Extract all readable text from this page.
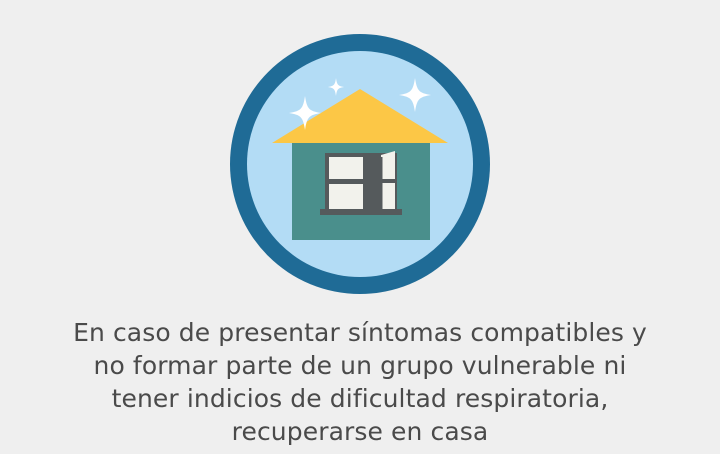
En caso de presentar síntomas compatibles y
no formar parte de un grupo vulnerable ni
tener indicios de dificultad respiratoria,
recuperarse en casa
